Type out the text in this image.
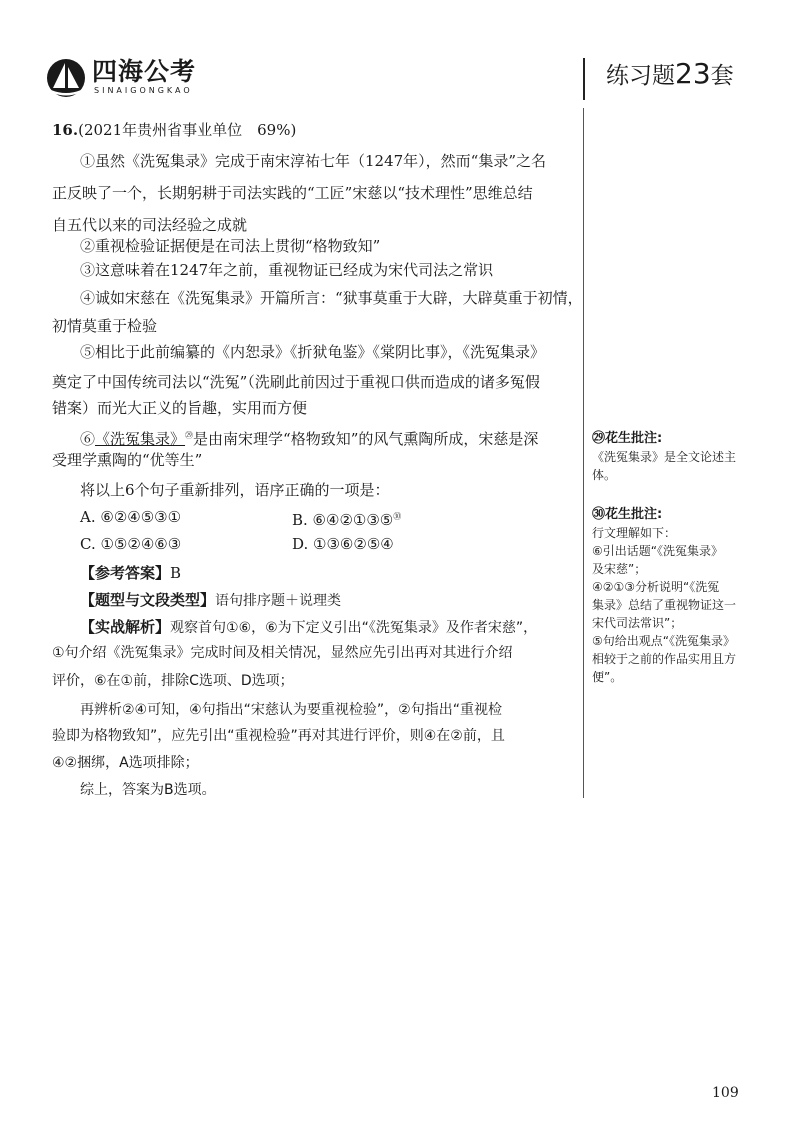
四海公考
SINAIGONGKAO
练习题23套
16.(2021年贵州省事业单位　69%)
①虽然《洗冤集录》完成于南宋淳祐七年（1247年），然而“集录”之名
正反映了一个，长期躬耕于司法实践的“工匠”宋慈以“技术理性”思维总结
自五代以来的司法经验之成就
②重视检验证据便是在司法上贯彻“格物致知”
③这意味着在1247年之前，重视物证已经成为宋代司法之常识
④诚如宋慈在《洗冤集录》开篇所言：“狱事莫重于大辟，大辟莫重于初情，
初情莫重于检验
⑤相比于此前编纂的《内恕录》《折狱龟鉴》《棠阴比事》，《洗冤集录》
奠定了中国传统司法以“洗冤”（洗刷此前因过于重视口供而造成的诸多冤假
错案）而光大正义的旨趣，实用而方便
⑥《洗冤集录》$^㉙$是由南宋理学“格物致知”的风气熏陶所成，宋慈是深
受理学熏陶的“优等生”
将以上6个句子重新排列，语序正确的一项是：
A. ⑥②④⑤③①	B. ⑥④②①③⑤$^㉚$
C. ①⑤②④⑥③	D. ①③⑥②⑤④
【参考答案】B
【题型与文段类型】语句排序题＋说理类
【实战解析】观察首句①⑥，⑥为下定义引出“《洗冤集录》及作者宋慈”，
①句介绍《洗冤集录》完成时间及相关情况，显然应先引出再对其进行介绍
评价，⑥在①前，排除C选项、D选项；
再辨析②④可知，④句指出“宋慈认为要重视检验”，②句指出“重视检
验即为格物致知”，应先引出“重视检验”再对其进行评价，则④在②前，且
④②捆绑，A选项排除；
综上，答案为B选项。
㉙花生批注:
《洗冤集录》是全文论述主
体。
㉚花生批注:
行文理解如下：
⑥引出话题“《洗冤集录》
及宋慈”；
④②①③分析说明“《洗冤
集录》总结了重视物证这一
宋代司法常识”；
⑤句给出观点“《洗冤集录》
相较于之前的作品实用且方
便”。
109
